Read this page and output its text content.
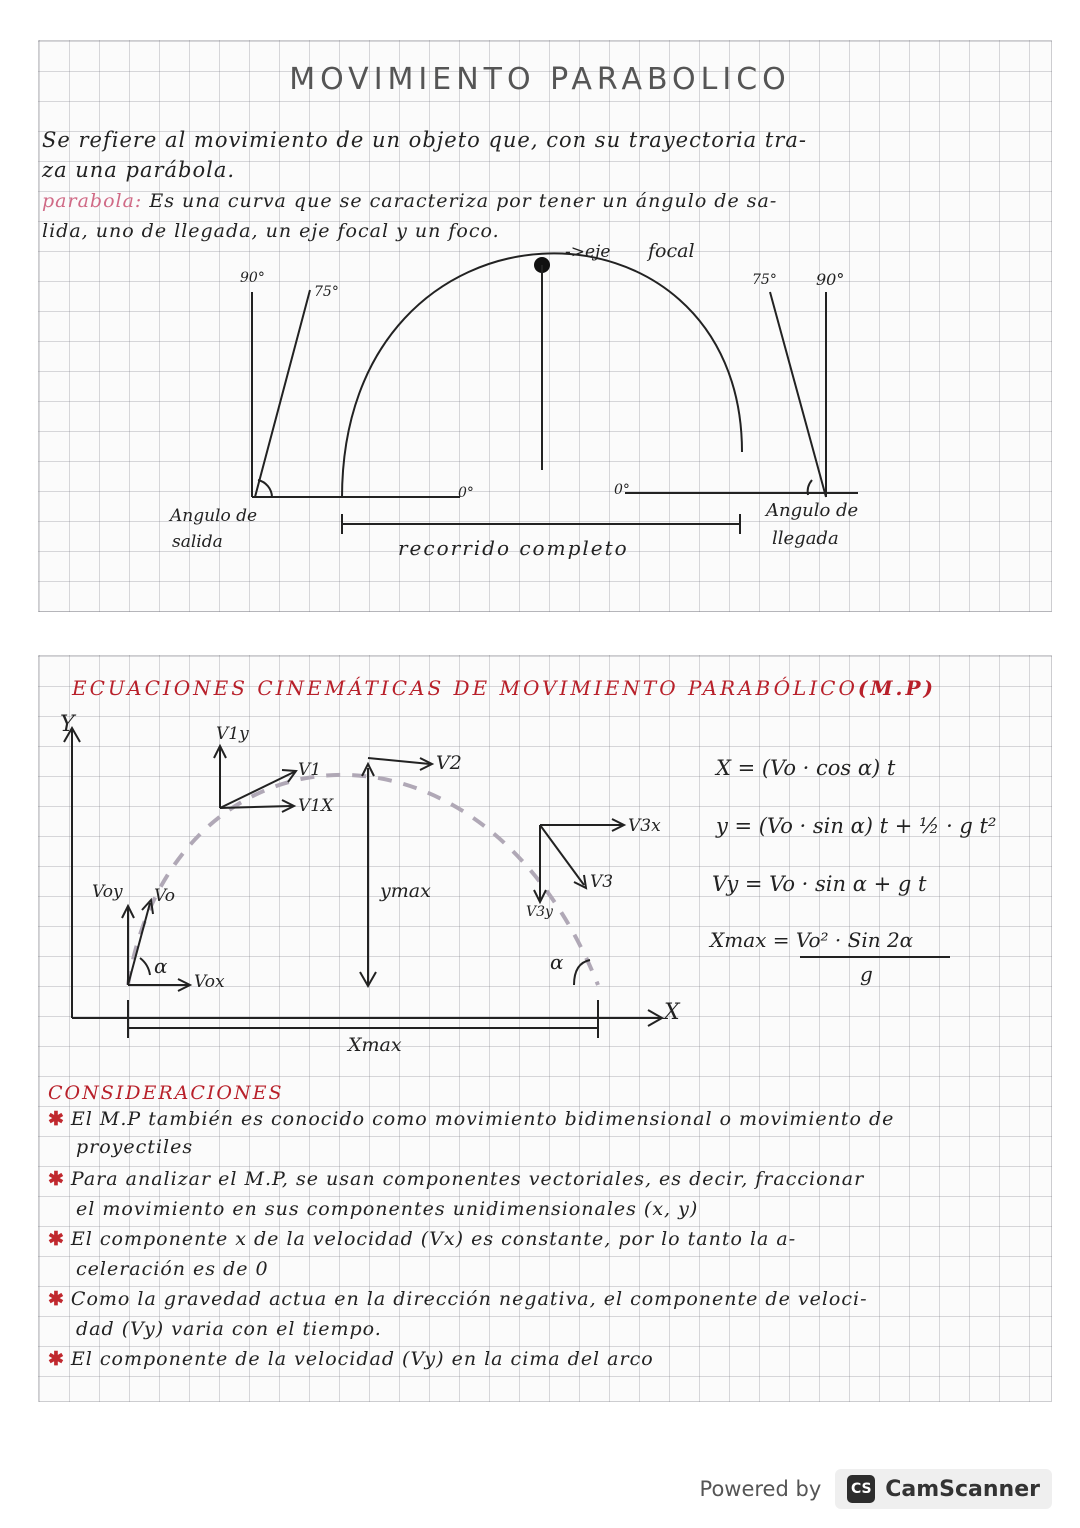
MOVIMIENTO PARABOLICO
Se refiere al movimiento de un objeto que, con su trayectoria tra-
za una parábola.
parabola: Es una curva que se caracteriza por tener un ángulo de sa-
lida, uno de llegada, un eje focal y un foco.
->eje focal
90°
75°
75° 90°
0°	0°
Angulo de
salida	recorrido completo
Angulo de
llegada
ECUACIONES CINEMÁTICAS DE MOVIMIENTO PARABÓLICO(M.P)
Y
X
V1y
V1
V1X
V2
V3x
V3
V3y
Voy Vo
Vox
α	α
ymax
Xmax
X = (Vo · cos α) t
y = (Vo · sin α) t + ½ · g t²
Vy = Vo · sin α + g t
Xmax = Vo² · Sin 2α
g
CONSIDERACIONES
✱ El M.P también es conocido como movimiento bidimensional o movimiento de
proyectiles
✱ Para analizar el M.P, se usan componentes vectoriales, es decir, fraccionar
el movimiento en sus componentes unidimensionales (x, y)
✱ El componente x de la velocidad (Vx) es constante, por lo tanto la a-
celeración es de 0
✱ Como la gravedad actua en la dirección negativa, el componente de veloci-
dad (Vy) varia con el tiempo.
✱ El componente de la velocidad (Vy) en la cima del arco
Powered by CS CamScanner
